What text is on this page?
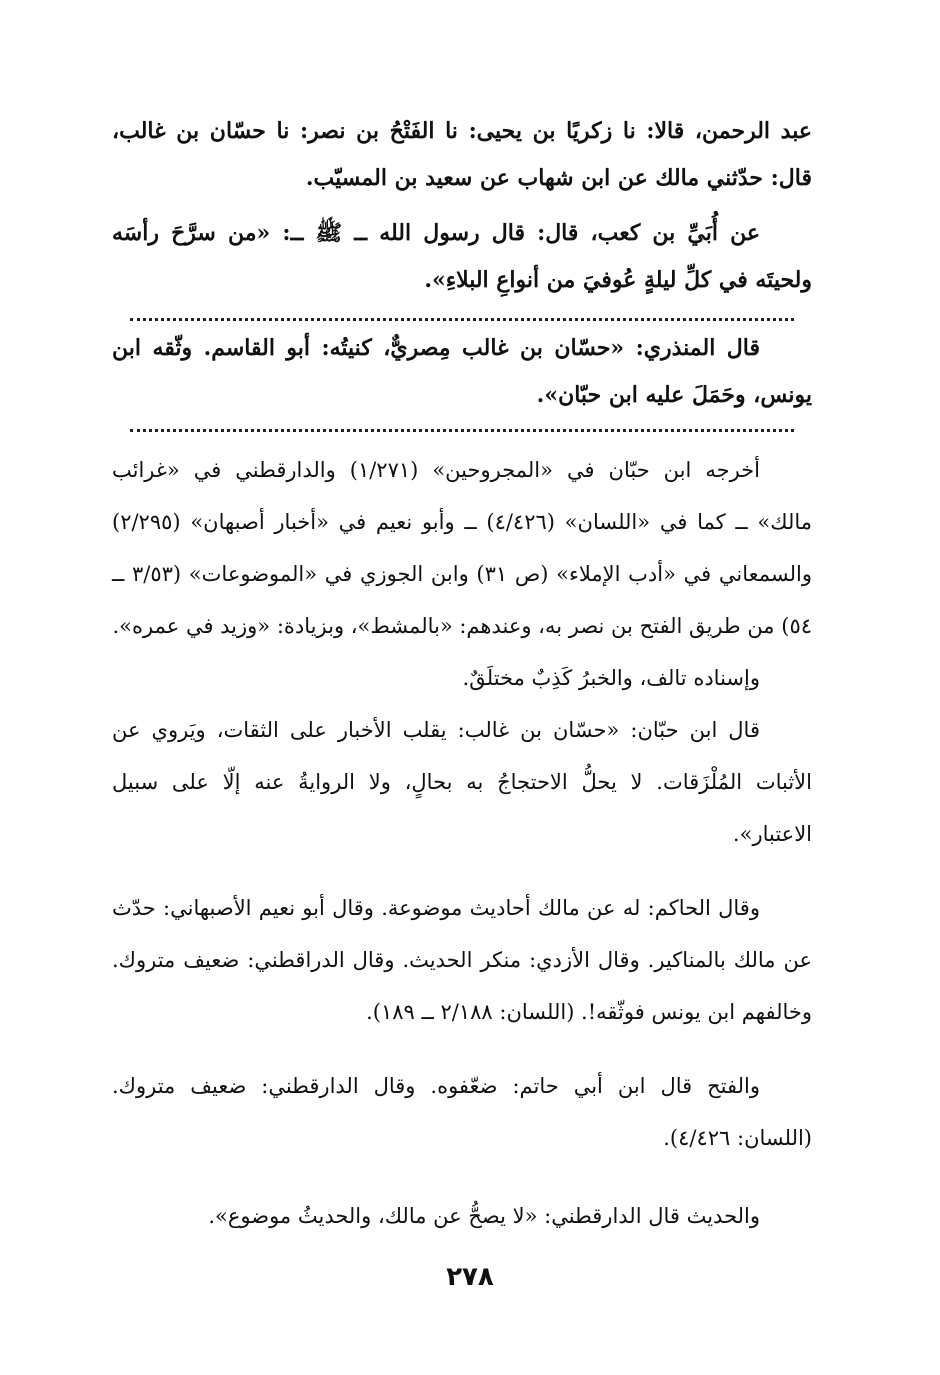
عبد الرحمن، قالا: نا زكريًا بن يحيى: نا الفَتْحُ بن نصر: نا حسّان بن غالب، قال: حدّثني مالك عن ابن شهاب عن سعيد بن المسيّب.

عن أُبَيِّ بن كعب، قال: قال رسول الله ــ ﷺ ــ: «من سرَّحَ رأسَه ولحيتَه في كلِّ ليلةٍ عُوفيَ من أنواعِ البلاءِ».

قال المنذري: «حسّان بن غالب مِصريٌّ، كنيتُه: أبو القاسم. وثّقه ابن يونس، وحَمَلَ عليه ابن حبّان».

أخرجه ابن حبّان في «المجروحين» (١/٢٧١) والدارقطني في «غرائب مالك» ــ كما في «اللسان» (٤/٤٢٦) ــ وأبو نعيم في «أخبار أصبهان» (٢/٢٩٥) والسمعاني في «أدب الإملاء» (ص ٣١) وابن الجوزي في «الموضوعات» (٣/٥٣ ــ ٥٤) من طريق الفتح بن نصر به، وعندهم: «بالمشط»، وبزيادة: «وزيد في عمره».

وإسناده تالف، والخبرُ كَذِبٌ مختلَقٌ.

قال ابن حبّان: «حسّان بن غالب: يقلب الأخبار على الثقات، ويَروي عن الأثبات المُلْزَقات. لا يحلُّ الاحتجاجُ به بحالٍ، ولا الروايةُ عنه إلّا على سبيل الاعتبار».

وقال الحاكم: له عن مالك أحاديث موضوعة. وقال أبو نعيم الأصبهاني: حدّث عن مالك بالمناكير. وقال الأزدي: منكر الحديث. وقال الدراقطني: ضعيف متروك. وخالفهم ابن يونس فوثّقه!. (اللسان: ٢/١٨٨ ــ ١٨٩).

والفتح قال ابن أبي حاتم: ضعّفوه. وقال الدارقطني: ضعيف متروك. (اللسان: ٤/٤٢٦).

والحديث قال الدارقطني: «لا يصحُّ عن مالك، والحديثُ موضوع».

٢٧٨
